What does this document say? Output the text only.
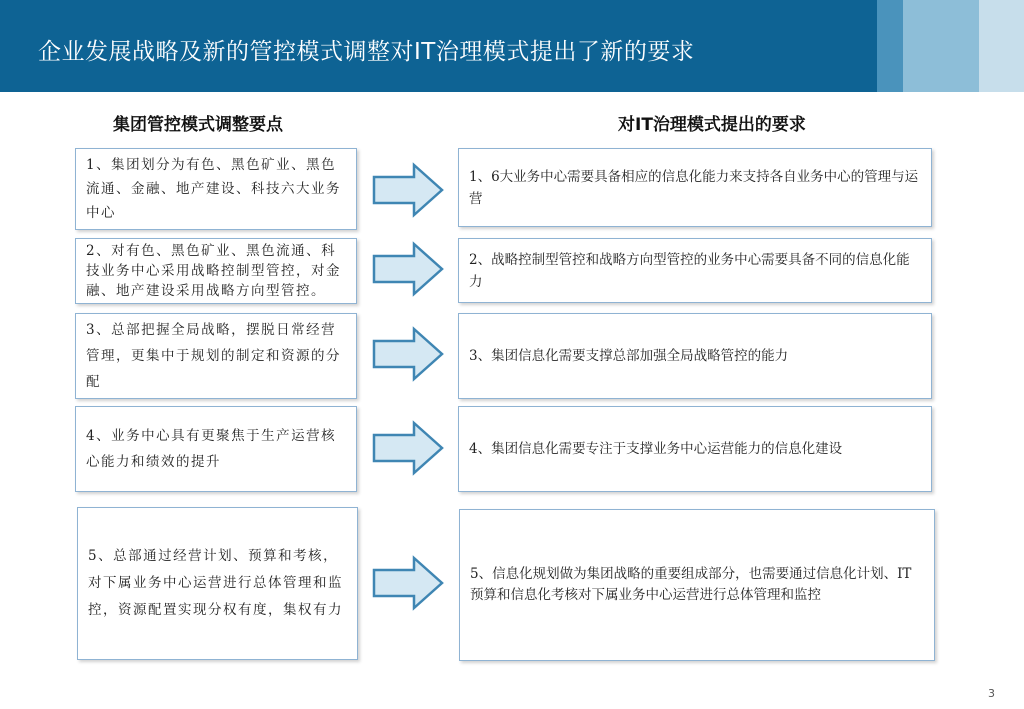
企业发展战略及新的管控模式调整对IT治理模式提出了新的要求
集团管控模式调整要点	对IT治理模式提出的要求
1、集团划分为有色、黑色矿业、黑色流通、金融、地产建设、科技六大业务中心
1、6大业务中心需要具备相应的信息化能力来支持各自业务中心的管理与运营
2、对有色、黑色矿业、黑色流通、科技业务中心采用战略控制型管控，对金融、地产建设采用战略方向型管控。
2、战略控制型管控和战略方向型管控的业务中心需要具备不同的信息化能力
3、总部把握全局战略，摆脱日常经营管理，更集中于规划的制定和资源的分配
3、集团信息化需要支撑总部加强全局战略管控的能力
4、业务中心具有更聚焦于生产运营核心能力和绩效的提升
4、集团信息化需要专注于支撑业务中心运营能力的信息化建设
5、总部通过经营计划、预算和考核，对下属业务中心运营进行总体管理和监控，资源配置实现分权有度，集权有力
5、信息化规划做为集团战略的重要组成部分，也需要通过信息化计划、IT预算和信息化考核对下属业务中心运营进行总体管理和监控
3
